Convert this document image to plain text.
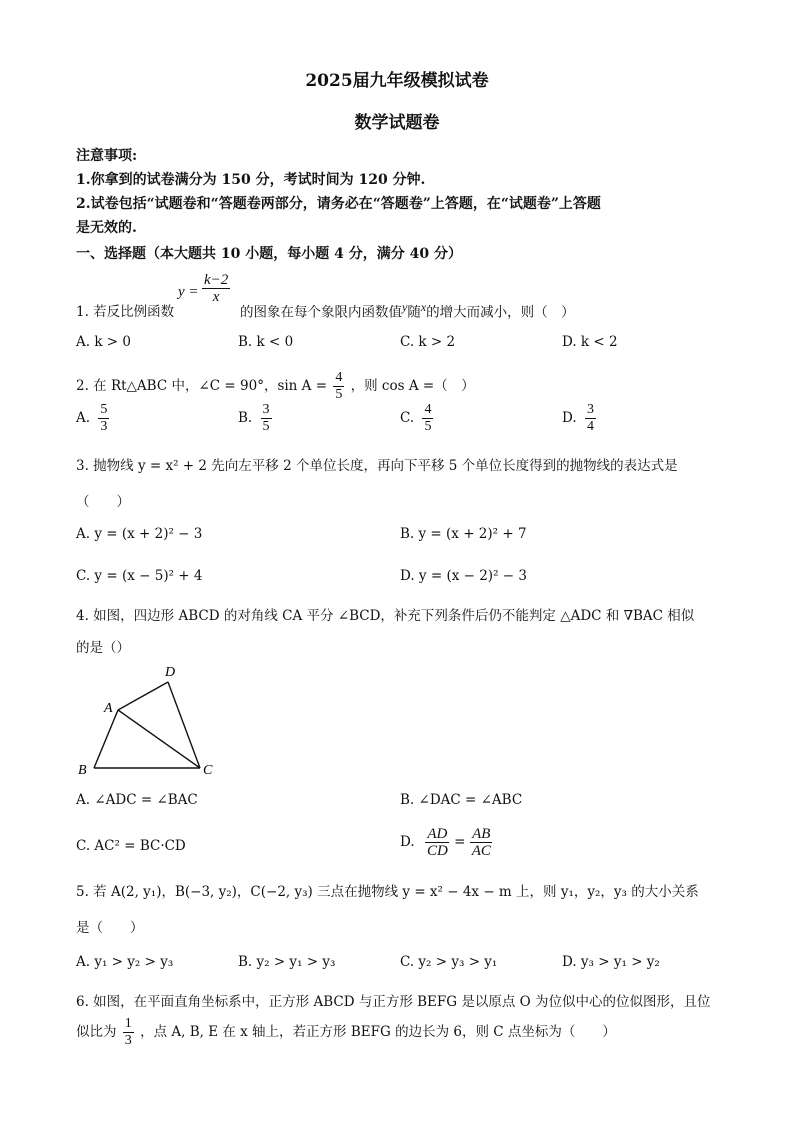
2025届九年级模拟试卷
数学试题卷
注意事项:
1.你拿到的试卷满分为 150 分，考试时间为 120 分钟.
2.试卷包括“试题卷和“答题卷两部分，请务必在“答题卷”上答题，在“试题卷”上答题
是无效的.
一、选择题（本大题共 10 小题，每小题 4 分，满分 40 分）
1. 若反比例函数
$y = \frac{k-2}{x}$
的图象在每个象限内函数值$^y$随$^x$的增大而减小，则（　）
A. k > 0	B. k < 0	C. k > 2	D. k < 2
2. 在 Rt△ABC 中，∠C = 90°，$\sin A = \frac{4}{5}$ ，则 cos A =（　）
A. $\frac{5}{3}$	B. $\frac{3}{5}$	C. $\frac{4}{5}$	D. $\frac{3}{4}$
3. 抛物线 y = x² + 2 先向左平移 2 个单位长度，再向下平移 5 个单位长度得到的抛物线的表达式是
（　　）
A. y = (x + 2)² − 3	B. y = (x + 2)² + 7
C. y = (x − 5)² + 4	D. y = (x − 2)² − 3
4. 如图，四边形 ABCD 的对角线 CA 平分 ∠BCD，补充下列条件后仍不能判定 △ADC 和 ∇BAC 相似
的是（）
D
A
B	C
A. ∠ADC = ∠BAC	B. ∠DAC = ∠ABC
C. AC² = BC·CD	D. $\frac{AD}{CD} = \frac{AB}{AC}$
5. 若 A(2, y₁)，B(−3, y₂)，C(−2, y₃) 三点在抛物线 y = x² − 4x − m 上，则 y₁，y₂，y₃ 的大小关系
是（　　）
A. y₁ > y₂ > y₃	B. y₂ > y₁ > y₃	C. y₂ > y₃ > y₁	D. y₃ > y₁ > y₂
6. 如图，在平面直角坐标系中，正方形 ABCD 与正方形 BEFG 是以原点 O 为位似中心的位似图形，且位
似比为 $\frac{1}{3}$ ，点 A, B, E 在 x 轴上，若正方形 BEFG 的边长为 6，则 C 点坐标为（　　）
